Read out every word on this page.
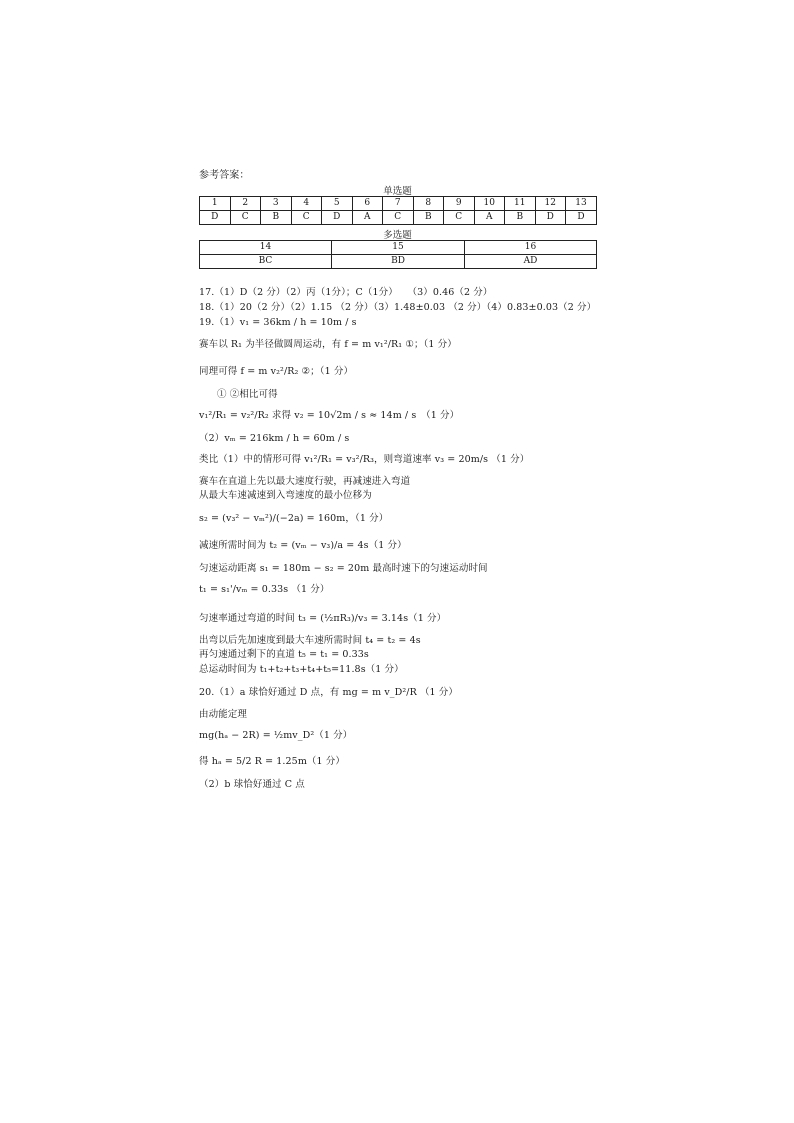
参考答案：
单选题
1	2	3	4	5	6	7	8	9	10	11	12	13
D	C	B	C	D	A	C	B	C	A	B	D	D
多选题
14	15	16
BC	BD	AD
17.（1）D（2 分）（2）丙（1分）；C（1分）　　（3）0.46（2 分）
18.（1）20（2 分）（2）1.15 （2 分）（3）1.48±0.03 （2 分）（4）0.83±0.03（2 分）
19.（1）v₁ = 36km / h = 10m / s
赛车以 R₁ 为半径做圆周运动，有 f = m v₁²/R₁ ①；（1 分）
同理可得 f = m v₂²/R₂ ②；（1 分）
① ②相比可得
v₁²/R₁ = v₂²/R₂ 求得 v₂ = 10√2m / s ≈ 14m / s　（1 分）
（2）vₘ = 216km / h = 60m / s
类比（1）中的情形可得 v₁²/R₁ = v₃²/R₃，则弯道速率 v₃ = 20m/s （1 分）
赛车在直道上先以最大速度行驶，再减速进入弯道
从最大车速减速到入弯速度的最小位移为
s₂ = (v₃² − vₘ²)/(−2a) = 160m，（1 分）
减速所需时间为 t₂ = (vₘ − v₃)/a = 4s（1 分）
匀速运动距离 s₁ = 180m − s₂ = 20m 最高时速下的匀速运动时间
t₁ = s₁'/vₘ = 0.33s （1 分）
匀速率通过弯道的时间 t₃ = (½πR₃)/v₃ = 3.14s（1 分）
出弯以后先加速度到最大车速所需时间 t₄ = t₂ = 4s
再匀速通过剩下的直道 t₅ = t₁ = 0.33s
总运动时间为 t₁+t₂+t₃+t₄+t₅=11.8s（1 分）
20.（1）a 球恰好通过 D 点，有 mg = m v_D²/R （1 分）
由动能定理
mg(hₐ − 2R) = ½mv_D²（1 分）
得 hₐ = 5/2 R = 1.25m（1 分）
（2）b 球恰好通过 C 点
